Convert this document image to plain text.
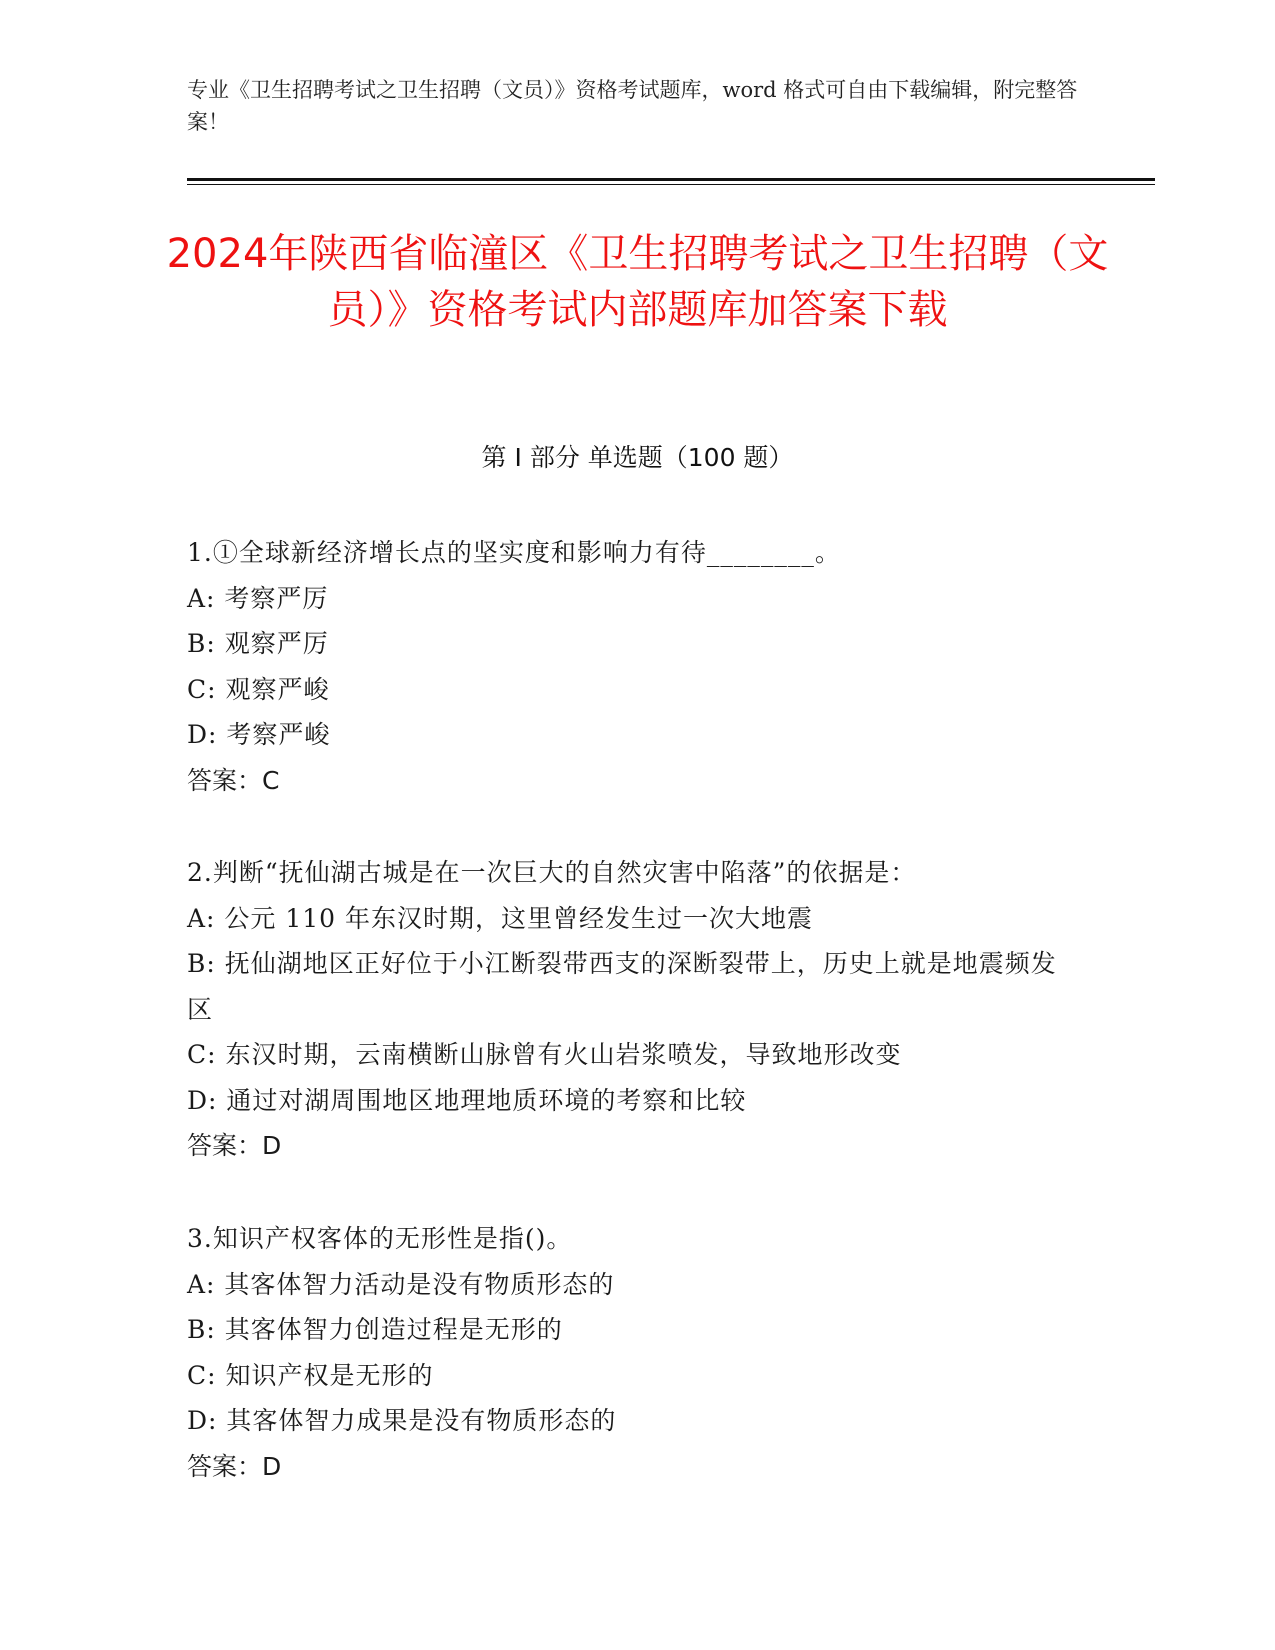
专业《卫生招聘考试之卫生招聘（文员）》资格考试题库，word 格式可自由下载编辑，附完整答案！
2024年陕西省临潼区《卫生招聘考试之卫生招聘（文员）》资格考试内部题库加答案下载
第 I 部分 单选题（100 题）
1.①全球新经济增长点的坚实度和影响力有待________。
A: 考察严厉
B: 观察严厉
C: 观察严峻
D: 考察严峻
答案：C
2.判断“抚仙湖古城是在一次巨大的自然灾害中陷落”的依据是：
A: 公元 110 年东汉时期，这里曾经发生过一次大地震
B: 抚仙湖地区正好位于小江断裂带西支的深断裂带上，历史上就是地震频发区
C: 东汉时期，云南横断山脉曾有火山岩浆喷发，导致地形改变
D: 通过对湖周围地区地理地质环境的考察和比较
答案：D
3.知识产权客体的无形性是指()。
A: 其客体智力活动是没有物质形态的
B: 其客体智力创造过程是无形的
C: 知识产权是无形的
D: 其客体智力成果是没有物质形态的
答案：D
